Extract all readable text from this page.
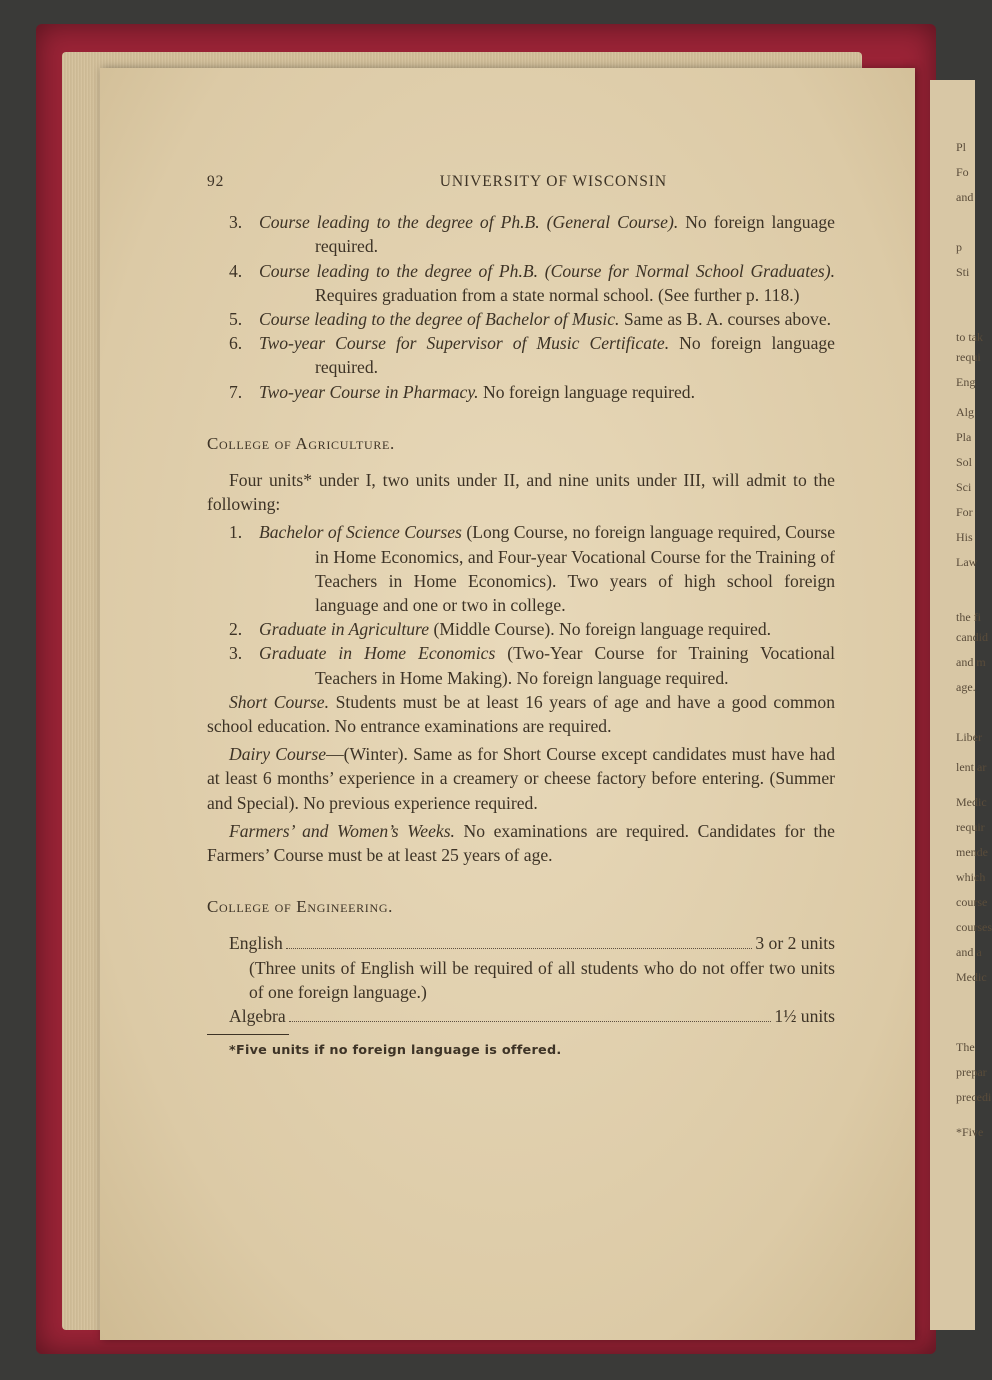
Pl
Fo
and
p
Sti
to tak
requi
Eng
Alg
Pla
Sol
Sci
For
His
Law
the fi
candid
and m
age.
Liber
lent ar
Medic
requir
mende
which
course
courses
and a
Medic
The
prepar
precedi
*Five
92	UNIVERSITY OF WISCONSIN
3. Course leading to the degree of Ph.B. (General Course). No foreign language required.
4. Course leading to the degree of Ph.B. (Course for Normal School Graduates). Requires graduation from a state normal school. (See further p. 118.)
5. Course leading to the degree of Bachelor of Music. Same as B. A. courses above.
6. Two-year Course for Supervisor of Music Certificate. No foreign language required.
7. Two-year Course in Pharmacy. No foreign language required.
College of Agriculture.

Four units* under I, two units under II, and nine units under III, will admit to the following:

1. Bachelor of Science Courses (Long Course, no foreign language required, Course in Home Economics, and Four-year Vocational Course for the Training of Teachers in Home Economics). Two years of high school foreign language and one or two in college.
2. Graduate in Agriculture (Middle Course). No foreign language required.
3. Graduate in Home Economics (Two-Year Course for Training Vocational Teachers in Home Making). No foreign language required.

Short Course. Students must be at least 16 years of age and have a good common school education. No entrance examinations are required.

Dairy Course—(Winter). Same as for Short Course except candidates must have had at least 6 months’ experience in a creamery or cheese factory before entering. (Summer and Special). No previous experience required.

Farmers’ and Women’s Weeks. No examinations are required. Candidates for the Farmers’ Course must be at least 25 years of age.

College of Engineering.
English	3 or 2 units
(Three units of English will be required of all students who do not offer two units of one foreign language.)
Algebra	1½ units
*Five units if no foreign language is offered.
